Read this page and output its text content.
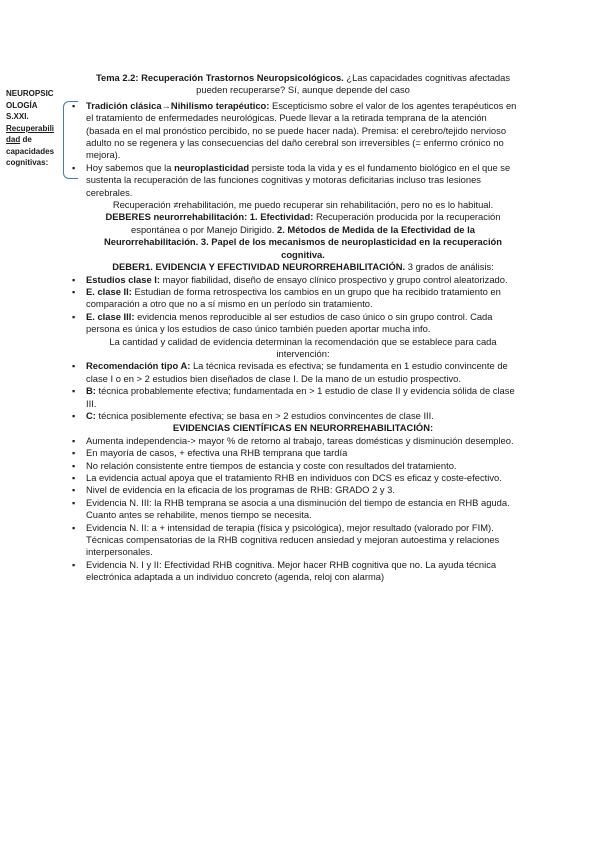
NEUROPSIC
OLOGÍA
S.XXI.
Recuperabili
dad de
capacidades
cognitivas:

Tema 2.2: Recuperación Trastornos Neuropsicológicos. ¿Las capacidades cognitivas afectadas pueden recuperarse? Sí, aunque depende del caso

▪ Tradición clásica→Nihilismo terapéutico: Escepticismo sobre el valor de los agentes terapéuticos en el tratamiento de enfermedades neurológicas. Puede llevar a la retirada temprana de la atención (basada en el mal pronóstico percibido, no se puede hacer nada). Premisa: el cerebro/tejido nervioso adulto no se regenera y las consecuencias del daño cerebral son irreversibles (= enfermo crónico no mejora).
▪ Hoy sabemos que la neuroplasticidad persiste toda la vida y es el fundamento biológico en el que se sustenta la recuperación de las funciones cognitivas y motoras deficitarias incluso tras lesiones cerebrales.

Recuperación ≠rehabilitación, me puedo recuperar sin rehabilitación, pero no es lo habitual.

DEBERES neurorrehabilitación: 1. Efectividad: Recuperación producida por la recuperación espontánea o por Manejo Dirigido. 2. Métodos de Medida de la Efectividad de la Neurorrehabilitación. 3. Papel de los mecanismos de neuroplasticidad en la recuperación cognitiva.

DEBER1. EVIDENCIA Y EFECTIVIDAD NEURORREHABILITACIÓN. 3 grados de análisis:

▪ Estudios clase I: mayor fiabilidad, diseño de ensayo clínico prospectivo y grupo control aleatorizado.
▪ E. clase II: Estudian de forma retrospectiva los cambios en un grupo que ha recibido tratamiento en comparación a otro que no a sí mismo en un período sin tratamiento.
▪ E. clase III: evidencia menos reproducible al ser estudios de caso único o sin grupo control. Cada persona es única y los estudios de caso único también pueden aportar mucha info.

La cantidad y calidad de evidencia determinan la recomendación que se establece para cada intervención:

▪ Recomendación tipo A: La técnica revisada es efectiva; se fundamenta en 1 estudio convincente de clase I o en > 2 estudios bien diseñados de clase I. De la mano de un estudio prospectivo.
▪ B: técnica probablemente efectiva; fundamentada en > 1 estudio de clase II y evidencia sólida de clase III.
▪ C: técnica posiblemente efectiva; se basa en > 2 estudios convincentes de clase III.

EVIDENCIAS CIENTÍFICAS EN NEURORREHABILITACIÓN:

▪ Aumenta independencia-> mayor % de retorno al trabajo, tareas domésticas y disminución desempleo.
▪ En mayoría de casos, + efectiva una RHB temprana que tardía
▪ No relación consistente entre tiempos de estancia y coste con resultados del tratamiento.
▪ La evidencia actual apoya que el tratamiento RHB en individuos con DCS es eficaz y coste-efectivo.
▪ Nivel de evidencia en la eficacia de los programas de RHB: GRADO 2 y 3.
▪ Evidencia N. III: la RHB temprana se asocia a una disminución del tiempo de estancia en RHB aguda. Cuanto antes se rehabilite, menos tiempo se necesita.
▪ Evidencia N. II: a + intensidad de terapia (física y psicológica), mejor resultado (valorado por FIM). Técnicas compensatorias de la RHB cognitiva reducen ansiedad y mejoran autoestima y relaciones interpersonales.
▪ Evidencia N. I y II: Efectividad RHB cognitiva. Mejor hacer RHB cognitiva que no. La ayuda técnica electrónica adaptada a un individuo concreto (agenda, reloj con alarma)
